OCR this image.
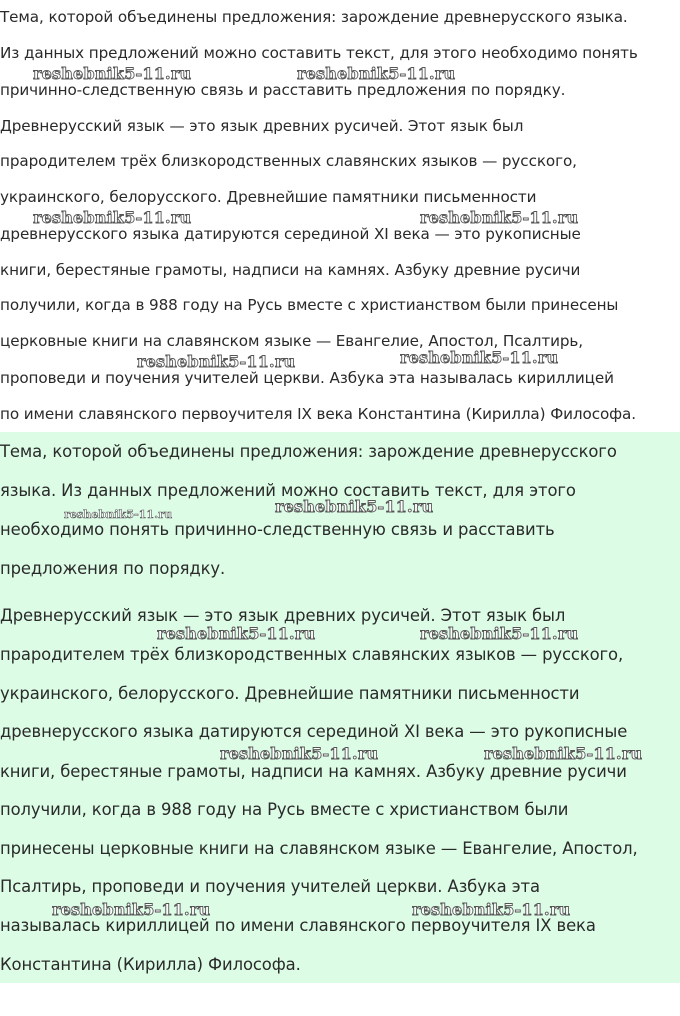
Тема, которой объединены предложения: зарождение древнерусского языка.
Из данных предложений можно составить текст, для этого необходимо понять
причинно-следственную связь и расставить предложения по порядку.
Древнерусский язык — это язык древних русичей. Этот язык был
прародителем трёх близкородственных славянских языков — русского,
украинского, белорусского. Древнейшие памятники письменности
древнерусского языка датируются серединой XI века — это рукописные
книги, берестяные грамоты, надписи на камнях. Азбуку древние русичи
получили, когда в 988 году на Русь вместе с христианством были принесены
церковные книги на славянском языке — Евангелие, Апостол, Псалтирь,
проповеди и поучения учителей церкви. Азбука эта называлась кириллицей
по имени славянского первоучителя IX века Константина (Кирилла) Философа.
Тема, которой объединены предложения: зарождение древнерусского
языка. Из данных предложений можно составить текст, для этого
необходимо понять причинно-следственную связь и расставить
предложения по порядку.
Древнерусский язык — это язык древних русичей. Этот язык был
прародителем трёх близкородственных славянских языков — русского,
украинского, белорусского. Древнейшие памятники письменности
древнерусского языка датируются серединой XI века — это рукописные
книги, берестяные грамоты, надписи на камнях. Азбуку древние русичи
получили, когда в 988 году на Русь вместе с христианством были
принесены церковные книги на славянском языке — Евангелие, Апостол,
Псалтирь, проповеди и поучения учителей церкви. Азбука эта
называлась кириллицей по имени славянского первоучителя IX века
Константина (Кирилла) Философа.
reshebnik5-11.ru	reshebnik5-11.ru
reshebnik5-11.ru	reshebnik5-11.ru
reshebnik5-11.ru	reshebnik5-11.ru
reshebnik5-11.ru
reshebnik5-11.ru
reshebnik5-11.ru	reshebnik5-11.ru
reshebnik5-11.ru	reshebnik5-11.ru
reshebnik5-11.ru	reshebnik5-11.ru
